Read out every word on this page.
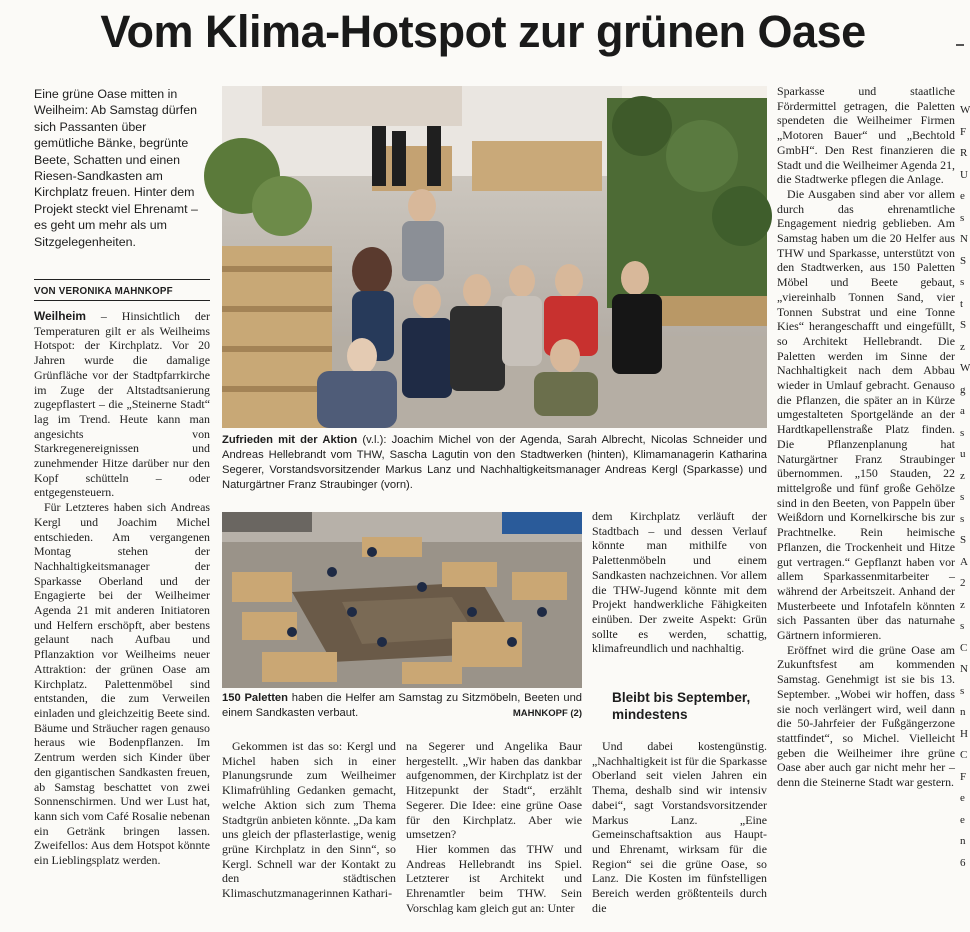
Vom Klima-Hotspot zur grünen Oase
Eine grüne Oase mitten in Weilheim: Ab Samstag dürfen sich Passanten über gemütliche Bänke, begrünte Beete, Schatten und einen Riesen-Sandkasten am Kirchplatz freuen. Hinter dem Projekt steckt viel Ehrenamt – es geht um mehr als um Sitzgelegenheiten.
VON VERONIKA MAHNKOPF

Weilheim – Hinsichtlich der Temperaturen gilt er als Weilheims Hotspot: der Kirchplatz. Vor 20 Jahren wurde die damalige Grünfläche vor der Stadtpfarrkirche im Zuge der Altstadtsanierung zugepflastert – die „Steinerne Stadt“ lag im Trend. Heute kann man angesichts von Starkregenereignissen und zunehmender Hitze darüber nur den Kopf schütteln – oder entgegensteuern.

Für Letzteres haben sich Andreas Kergl und Joachim Michel entschieden. Am vergangenen Montag stehen der Nachhaltigkeitsmanager der Sparkasse Oberland und der Engagierte bei der Weilheimer Agenda 21 mit anderen Initiatoren und Helfern erschöpft, aber bestens gelaunt nach Aufbau und Pflanzaktion vor Weilheims neuer Attraktion: der grünen Oase am Kirchplatz. Palettenmöbel sind entstanden, die zum Verweilen einladen und gleichzeitig Beete sind. Bäume und Sträucher ragen genauso heraus wie Bodenpflanzen. Im Zentrum werden sich Kinder über den gigantischen Sandkasten freuen, ab Samstag beschattet von zwei Sonnenschirmen. Und wer Lust hat, kann sich vom Café Rosalie nebenan ein Getränk bringen lassen. Zweifellos: Aus dem Hotspot könnte ein Lieblingsplatz werden.

Zufrieden mit der Aktion (v.l.): Joachim Michel von der Agenda, Sarah Albrecht, Nicolas Schneider und Andreas Hellebrandt vom THW, Sascha Lagutin von den Stadtwerken (hinten), Klimamanagerin Katharina Segerer, Vorstandsvorsitzender Markus Lanz und Nachhaltigkeitsmanager Andreas Kergl (Sparkasse) und Naturgärtner Franz Straubinger (vorn).
150 Paletten haben die Helfer am Samstag zu Sitzmöbeln, Beeten und einem Sandkasten verbaut.	MAHNKOPF (2)

Gekommen ist das so: Kergl und Michel haben sich in einer Planungsrunde zum Weilheimer Klimafrühling Gedanken gemacht, welche Aktion sich zum Thema Stadtgrün anbieten könnte. „Da kam uns gleich der pflasterlastige, wenig grüne Kirchplatz in den Sinn“, so Kergl. Schnell war der Kontakt zu den städtischen Klimaschutzmanagerinnen Kathari-

na Segerer und Angelika Baur hergestellt. „Wir haben das dankbar aufgenommen, der Kirchplatz ist der Hitzepunkt der Stadt“, erzählt Segerer. Die Idee: eine grüne Oase für den Kirchplatz. Aber wie umsetzen?

Hier kommen das THW und Andreas Hellebrandt ins Spiel. Letzterer ist Architekt und Ehrenamtler beim THW. Sein Vorschlag kam gleich gut an: Unter

dem Kirchplatz verläuft der Stadtbach – und dessen Verlauf könnte man mithilfe von Palettenmöbeln und einem Sandkasten nachzeichnen. Vor allem die THW-Jugend könnte mit dem Projekt handwerkliche Fähigkeiten einüben. Der zweite Aspekt: Grün sollte es werden, schattig, klimafreundlich und nachhaltig.

Bleibt bis September, mindestens

Und dabei kostengünstig. „Nachhaltigkeit ist für die Sparkasse Oberland seit vielen Jahren ein Thema, deshalb sind wir intensiv dabei“, sagt Vorstandsvorsitzender Markus Lanz. „Eine Gemeinschaftsaktion aus Haupt- und Ehrenamt, wirksam für die Region“ sei die grüne Oase, so Lanz. Die Kosten im fünfstelligen Bereich werden größtenteils durch die

Sparkasse und staatliche Fördermittel getragen, die Paletten spendeten die Weilheimer Firmen „Motoren Bauer“ und „Bechtold GmbH“. Den Rest finanzieren die Stadt und die Weilheimer Agenda 21, die Stadtwerke pflegen die Anlage.

Die Ausgaben sind aber vor allem durch das ehrenamtliche Engagement niedrig geblieben. Am Samstag haben um die 20 Helfer aus THW und Sparkasse, unterstützt von den Stadtwerken, aus 150 Paletten Möbel und Beete gebaut, „viereinhalb Tonnen Sand, vier Tonnen Substrat und eine Tonne Kies“ herangeschafft und eingefüllt, so Architekt Hellebrandt. Die Paletten werden im Sinne der Nachhaltigkeit nach dem Abbau wieder in Umlauf gebracht. Genauso die Pflanzen, die später an in Kürze umgestalteten Sportgelände an der Hardtkapellenstraße Platz finden. Die Pflanzenplanung hat Naturgärtner Franz Straubinger übernommen. „150 Stauden, 22 mittelgroße und fünf große Gehölze sind in den Beeten, von Pappeln über Weißdorn und Kornelkirsche bis zur Prachtnelke. Rein heimische Pflanzen, die Trockenheit und Hitze gut vertragen.“ Gepflanzt haben vor allem Sparkassenmitarbeiter – während der Arbeitszeit. Anhand der Musterbeete und Infotafeln könnten sich Passanten über das naturnahe Gärtnern informieren.

Eröffnet wird die grüne Oase am Zukunftsfest am kommenden Samstag. Genehmigt ist sie bis 13. September. „Wobei wir hoffen, dass sie noch verlängert wird, weil dann die 50-Jahrfeier der Fußgängerzone stattfindet“, so Michel. Vielleicht geben die Weilheimer ihre grüne Oase aber auch gar nicht mehr her – denn die Steinerne Stadt war gestern.

W
F
R
U
e
s
N
S
s
t
S
z
W
g
a
s
u
z
s
s
S
A
2
z
s
C
N
s
n
H
C
F
e
e
n
6
